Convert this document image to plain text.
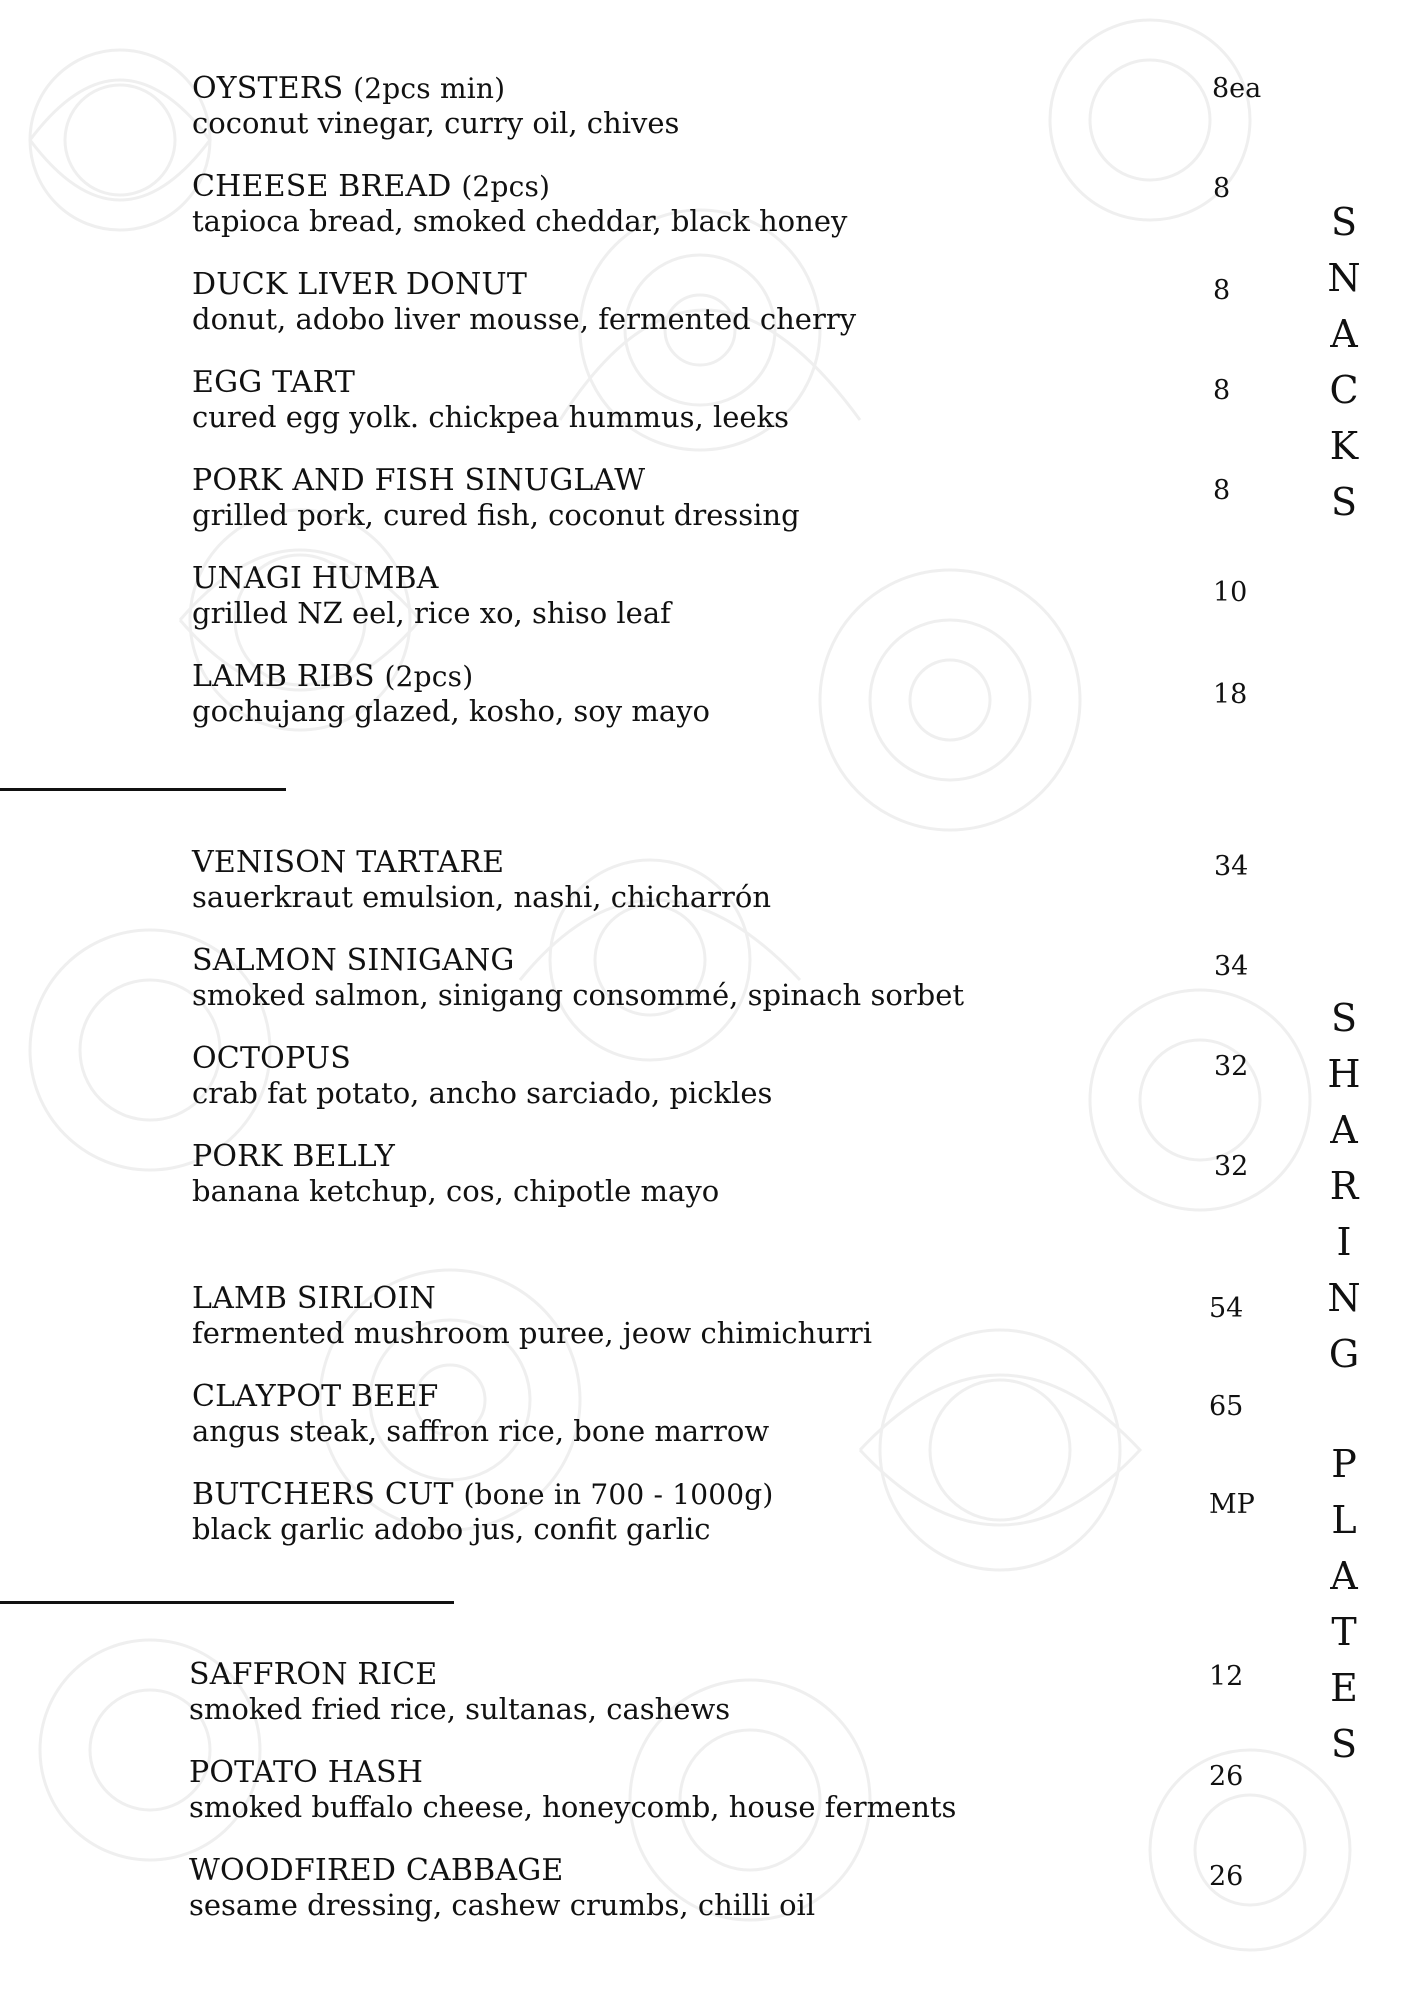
OYSTERS (2pcs min)
coconut vinegar, curry oil, chives
8ea
CHEESE BREAD (2pcs)
tapioca bread, smoked cheddar, black honey
8
DUCK LIVER DONUT
donut, adobo liver mousse, fermented cherry
8
EGG TART
cured egg yolk. chickpea hummus, leeks
8
PORK AND FISH SINUGLAW
grilled pork, cured fish, coconut dressing
8
UNAGI HUMBA
grilled NZ eel, rice xo, shiso leaf
10
LAMB RIBS (2pcs)
gochujang glazed, kosho, soy mayo	18
S
N
A
C
K
S
VENISON TARTARE
sauerkraut emulsion, nashi, chicharrón
34
SALMON SINIGANG
smoked salmon, sinigang consommé, spinach sorbet
34
OCTOPUS
crab fat potato, ancho sarciado, pickles
32
PORK BELLY
banana ketchup, cos, chipotle mayo
32
LAMB SIRLOIN
fermented mushroom puree, jeow chimichurri
54
CLAYPOT BEEF
angus steak, saffron rice, bone marrow
65
BUTCHERS CUT (bone in 700 - 1000g)
black garlic adobo jus, confit garlic
MP
S
H
A
R
I
N
G
P
L
A
T
E
S
SAFFRON RICE
smoked fried rice, sultanas, cashews
12
POTATO HASH
smoked buffalo cheese, honeycomb, house ferments
26
WOODFIRED CABBAGE
sesame dressing, cashew crumbs, chilli oil
26
